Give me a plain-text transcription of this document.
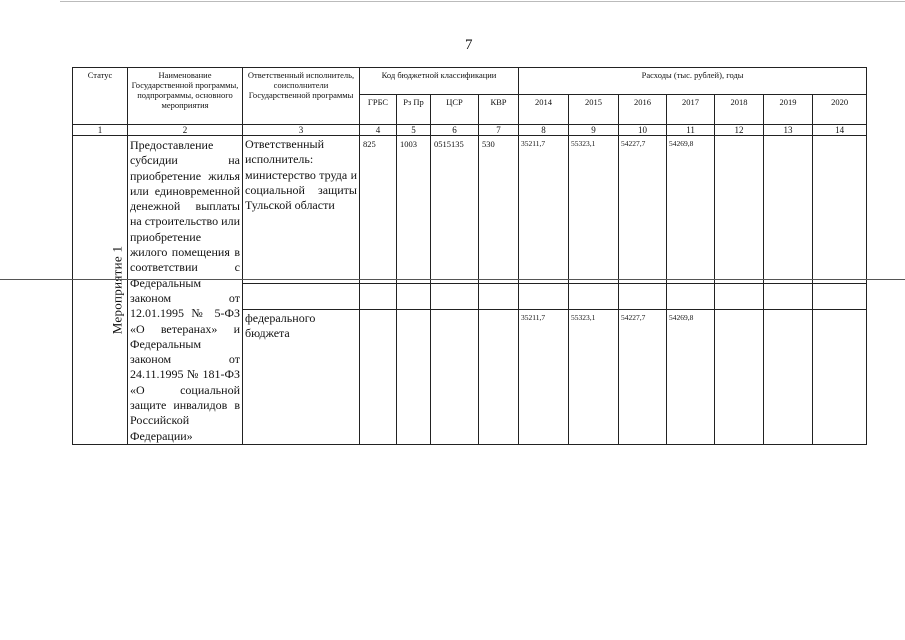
7
Статус	Наименование Государственной программы, подпрограммы, основного мероприятия	Ответственный исполнитель, соисполнители Государственной программы	Код бюджетной классификации				Расходы (тыс. рублей), годы						
			ГРБС	Рз Пр	ЦСР	КВР	2014	2015	2016	2017	2018	2019	2020
1	2	3	4	5	6	7	8	9	10	11	12	13	14
Мероприятие 1	Предоставление субсидии на приобретение жилья или единовременной денежной выплаты на строительство или приобретение жилого помещения в соответствии с Федеральным законом от 12.01.1995 № 5-ФЗ «О ветеранах» и Федеральным законом от 24.11.1995 № 181-ФЗ «О социальной защите инвалидов в Российской Федерации»	Ответственный исполнитель: министерство труда и социальной защиты Тульской области	825	1003	0515135	530	35211,7	55323,1	54227,7	54269,8			

		федерального бюджета					35211,7	55323,1	54227,7	54269,8			
